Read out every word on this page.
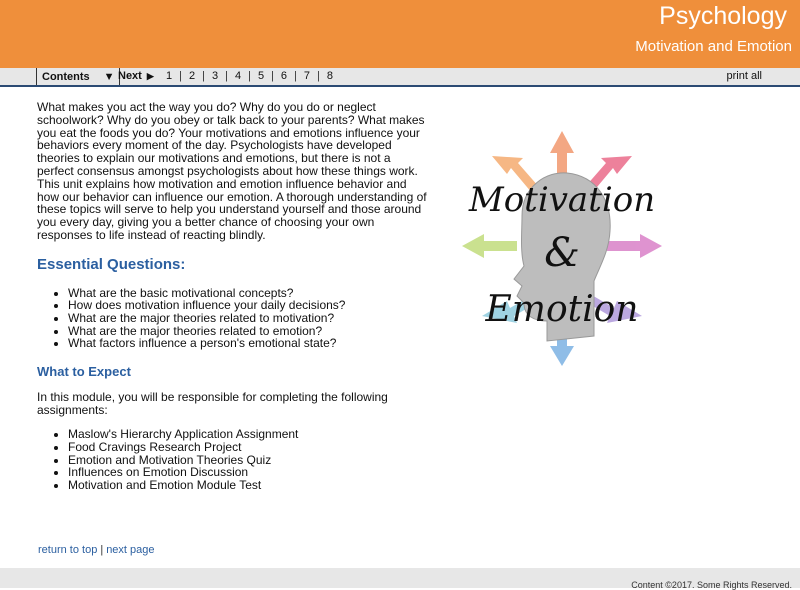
Psychology
Motivation and Emotion
Contents ▼ Next ▶ 1 | 2 | 3 | 4 | 5 | 6 | 7 | 8	print all

What makes you act the way you do? Why do you do or neglect schoolwork? Why do you obey or talk back to your parents? What makes you eat the foods you do? Your motivations and emotions influence your behaviors every moment of the day. Psychologists have developed theories to explain our motivations and emotions, but there is not a perfect consensus amongst psychologists about how these things work. This unit explains how motivation and emotion influence behavior and how our behavior can influence our emotion. A thorough understanding of these topics will serve to help you understand yourself and those around you every day, giving you a better chance of choosing your own responses to life instead of reacting blindly.

Essential Questions:
• What are the basic motivational concepts?
• How does motivation influence your daily decisions?
• What are the major theories related to motivation?
• What are the major theories related to emotion?
• What factors influence a person's emotional state?
What to Expect

In this module, you will be responsible for completing the following assignments:

• Maslow's Hierarchy Application Assignment
• Food Cravings Research Project
• Emotion and Motivation Theories Quiz
• Influences on Emotion Discussion
• Motivation and Emotion Module Test
Motivation
&
Emotion
return to top | next page
Content ©2017. Some Rights Reserved.
